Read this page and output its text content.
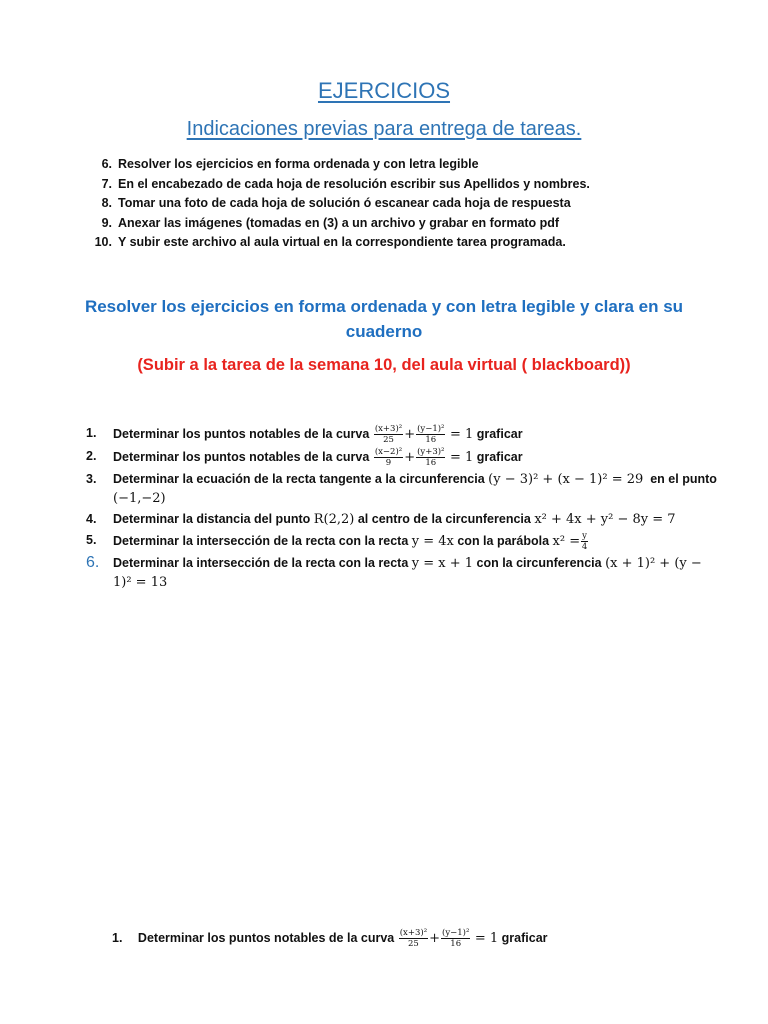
EJERCICIOS
Indicaciones previas para entrega de tareas.
6. Resolver los ejercicios en forma ordenada y con letra legible
7. En el encabezado de cada hoja de resolución escribir sus Apellidos y nombres.
8. Tomar una foto de cada hoja de solución ó escanear cada hoja de respuesta
9. Anexar las imágenes (tomadas en (3) a un archivo y grabar en formato pdf
10. Y subir este archivo al aula virtual en la correspondiente tarea programada.
Resolver los ejercicios en forma ordenada y con letra legible y clara en su cuaderno
(Subir a la tarea de la semana 10, del aula virtual ( blackboard))
1.	Determinar los puntos notables de la curva $\frac{\text{(x+3)²}}{25} + \frac{\text{(y−1)²}}{16} = 1$ graficar
2.	Determinar los puntos notables de la curva $\frac{\text{(x−2)²}}{9} + \frac{\text{(y+3)²}}{16} = 1$ graficar
3.	Determinar la ecuación de la recta tangente a la circunferencia (y − 3)² + (x − 1)² = 29 en el punto (−1,−2)
4.	Determinar la distancia del punto R(2,2) al centro de la circunferencia x² + 4x + y² − 8y = 7
5.	Determinar la intersección de la recta con la recta y = 4x con la parábola $x^2 = \frac{y}{4}$
6.	Determinar la intersección de la recta con la recta y = x + 1 con la circunferencia (x + 1)² + (y − 1)² = 13
1. Determinar los puntos notables de la curva $\frac{\text{(x+3)²}}{25} + \frac{\text{(y−1)²}}{16} = 1$ graficar
